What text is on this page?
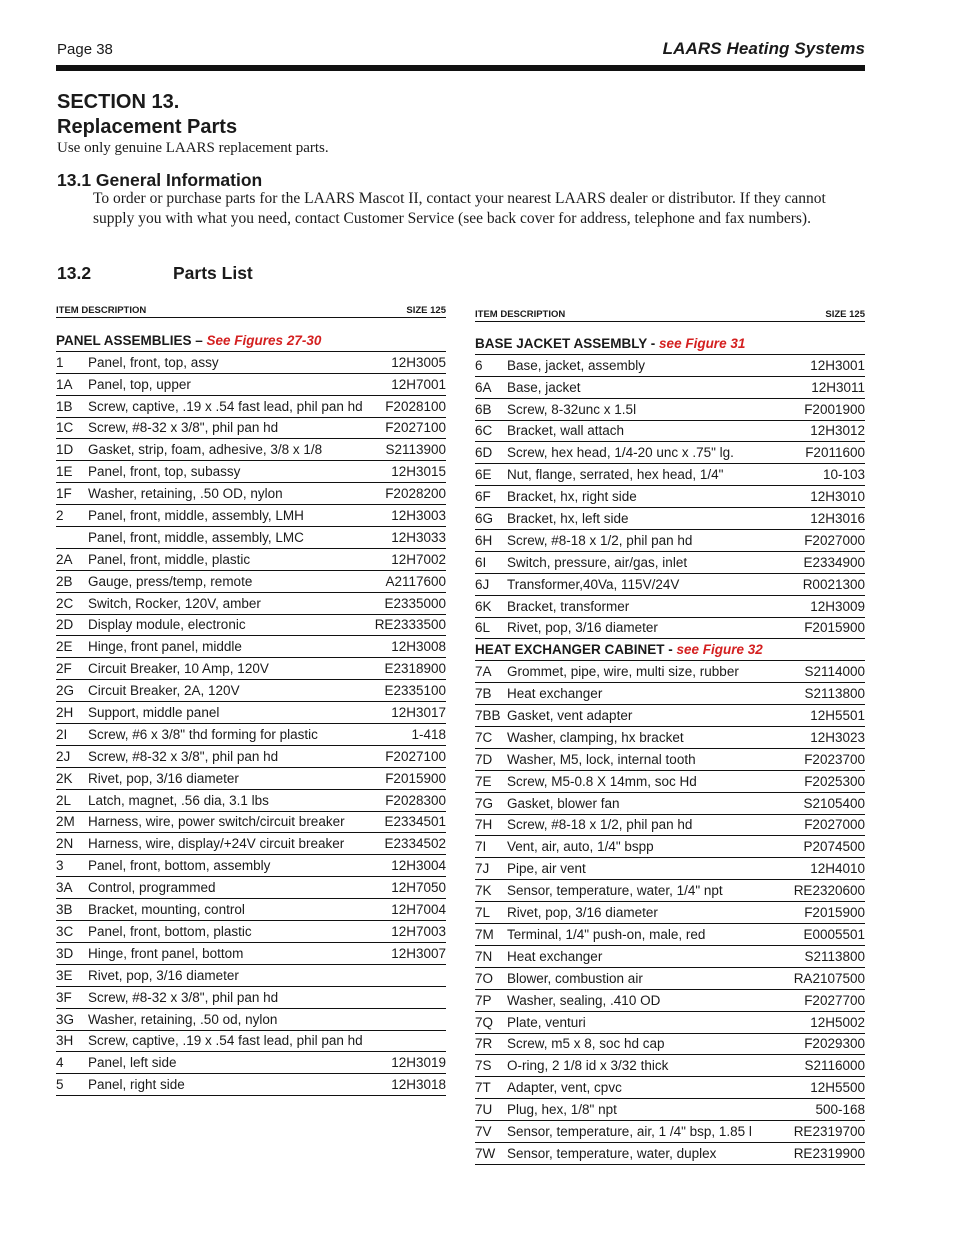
Page 38	LAARS Heating Systems
SECTION 13.
Replacement Parts
Use only genuine LAARS replacement parts.
13.1 General Information
To order or purchase parts for the LAARS Mascot II, contact your nearest LAARS dealer or distributor. If they cannot supply you with what you need, contact Customer Service (see back cover for address, telephone and fax numbers).
13.2	Parts List
ITEM DESCRIPTION	SIZE 125
PANEL ASSEMBLIES – See Figures 27-30
1 Panel, front, top, assy	12H3005
1A Panel, top, upper	12H7001
1B Screw, captive, .19 x .54 fast lead, phil pan hd F2028100
1C Screw, #8-32 x 3/8", phil pan hd	F2027100
1D Gasket, strip, foam, adhesive, 3/8 x 1/8	S2113900
1E Panel, front, top, subassy	12H3015
1F Washer, retaining, .50 OD, nylon	F2028200
2 Panel, front, middle, assembly, LMH	12H3003
Panel, front, middle, assembly, LMC	12H3033
2A Panel, front, middle, plastic	12H7002
2B Gauge, press/temp, remote	A2117600
2C Switch, Rocker, 120V, amber	E2335000
2D Display module, electronic	RE2333500
2E Hinge, front panel, middle	12H3008
2F Circuit Breaker, 10 Amp, 120V	E2318900
2G Circuit Breaker, 2A, 120V	E2335100
2H Support, middle panel	12H3017
2I Screw, #6 x 3/8" thd forming for plastic	1-418
2J Screw, #8-32 x 3/8", phil pan hd	F2027100
2K Rivet, pop, 3/16 diameter	F2015900
2L Latch, magnet, .56 dia, 3.1 lbs	F2028300
2M Harness, wire, power switch/circuit breaker	E2334501
2N Harness, wire, display/+24V circuit breaker	E2334502
3 Panel, front, bottom, assembly	12H3004
3A Control, programmed	12H7050
3B Bracket, mounting, control	12H7004
3C Panel, front, bottom, plastic	12H7003
3D Hinge, front panel, bottom	12H3007
3E Rivet, pop, 3/16 diameter
3F Screw, #8-32 x 3/8", phil pan hd
3G Washer, retaining, .50 od, nylon
3H Screw, captive, .19 x .54 fast lead, phil pan hd
4 Panel, left side	12H3019
5 Panel, right side	12H3018
ITEM DESCRIPTION	SIZE 125
BASE JACKET ASSEMBLY - see Figure 31
6 Base, jacket, assembly	12H3001
6A Base, jacket	12H3011
6B Screw, 8-32unc x 1.5l	F2001900
6C Bracket, wall attach	12H3012
6D Screw, hex head, 1/4-20 unc x .75" lg.	F2011600
6E Nut, flange, serrated, hex head, 1/4"	10-103
6F Bracket, hx, right side	12H3010
6G Bracket, hx, left side	12H3016
6H Screw, #8-18 x 1/2, phil pan hd	F2027000
6I Switch, pressure, air/gas, inlet	E2334900
6J Transformer,40Va, 115V/24V	R0021300
6K Bracket, transformer	12H3009
6L Rivet, pop, 3/16 diameter	F2015900
HEAT EXCHANGER CABINET - see Figure 32
7A Grommet, pipe, wire, multi size, rubber	S2114000
7B Heat exchanger	S2113800
7BB Gasket, vent adapter	12H5501
7C Washer, clamping, hx bracket	12H3023
7D Washer, M5, lock, internal tooth	F2023700
7E Screw, M5-0.8 X 14mm, soc Hd	F2025300
7G Gasket, blower fan	S2105400
7H Screw, #8-18 x 1/2, phil pan hd	F2027000
7I Vent, air, auto, 1/4" bspp	P2074500
7J Pipe, air vent	12H4010
7K Sensor, temperature, water, 1/4" npt	RE2320600
7L Rivet, pop, 3/16 diameter	F2015900
7M Terminal, 1/4" push-on, male, red	E0005501
7N Heat exchanger	S2113800
7O Blower, combustion air	RA2107500
7P Washer, sealing, .410 OD	F2027700
7Q Plate, venturi	12H5002
7R Screw, m5 x 8, soc hd cap	F2029300
7S O-ring, 2 1/8 id x 3/32 thick	S2116000
7T Adapter, vent, cpvc	12H5500
7U Plug, hex, 1/8" npt	500-168
7V Sensor, temperature, air, 1 /4" bsp, 1.85 l	RE2319700
7W Sensor, temperature, water, duplex	RE2319900
